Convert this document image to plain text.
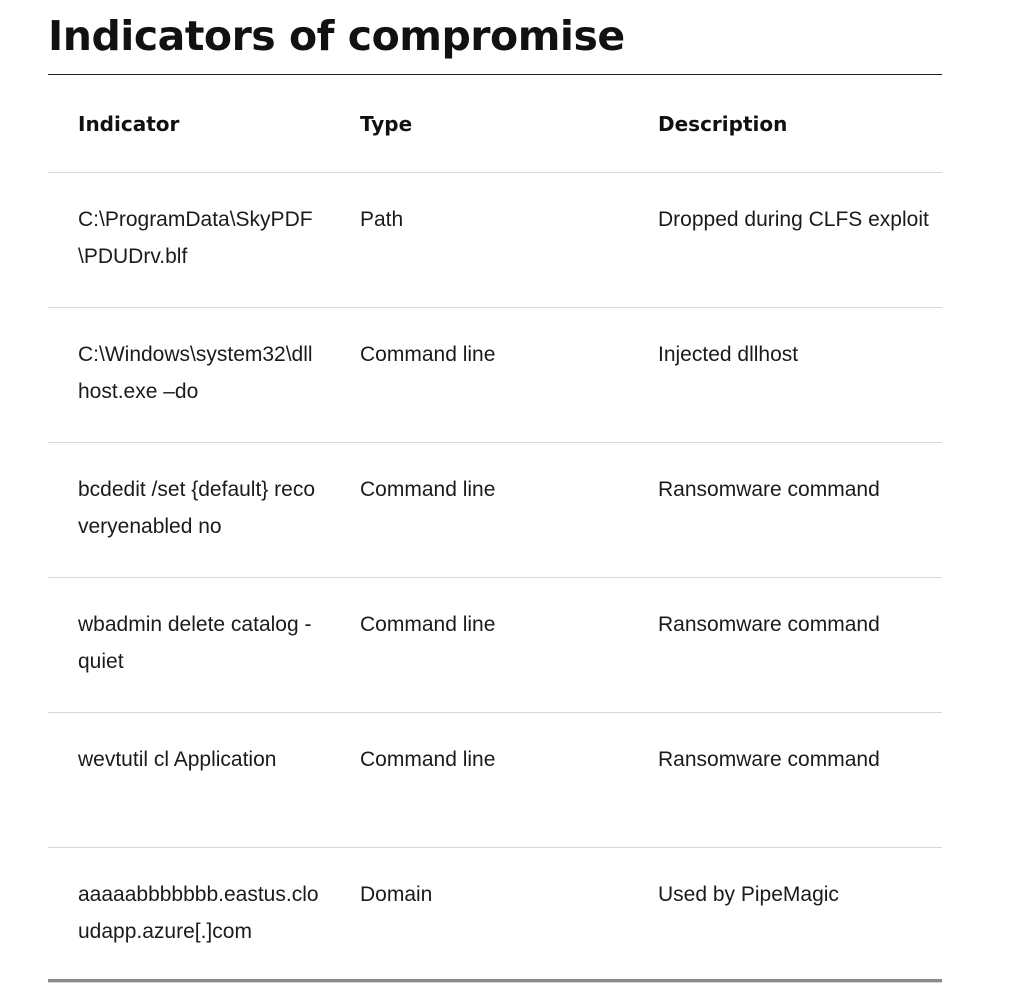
Indicators of compromise
Indicator	Type	Description
C:\ProgramData\SkyPDF\PDUDrv.blf	Path	Dropped during CLFS exploit
C:\Windows\system32\dllhost.exe –do	Command line	Injected dllhost
bcdedit /set {default} recoveryenabled no	Command line	Ransomware command
wbadmin delete catalog -quiet	Command line	Ransomware command
wevtutil cl Application	Command line	Ransomware command
aaaaabbbbbbb.eastus.cloudapp.azure[.]com	Domain	Used by PipeMagic
